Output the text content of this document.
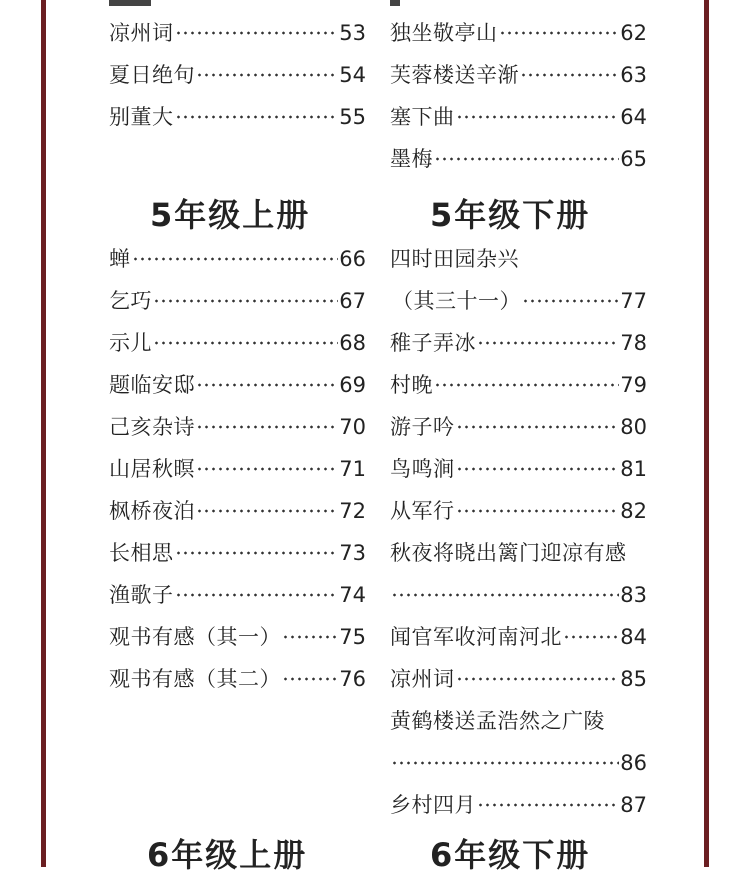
凉州词	53
夏日绝句	54
别董大	55
独坐敬亭山	62
芙蓉楼送辛渐	63
塞下曲	64
墨梅	65
5年级上册	5年级下册
蝉	66
乞巧	67
示儿	68
题临安邸	69
己亥杂诗	70
山居秋暝	71
枫桥夜泊	72
长相思	73
渔歌子	74
观书有感（其一）	75
观书有感（其二）	76
四时田园杂兴
（其三十一）	77
稚子弄冰	78
村晚	79
游子吟	80
鸟鸣涧	81
从军行	82
秋夜将晓出篱门迎凉有感
83
闻官军收河南河北	84
凉州词	85
黄鹤楼送孟浩然之广陵
86
乡村四月	87
6年级上册	6年级下册
